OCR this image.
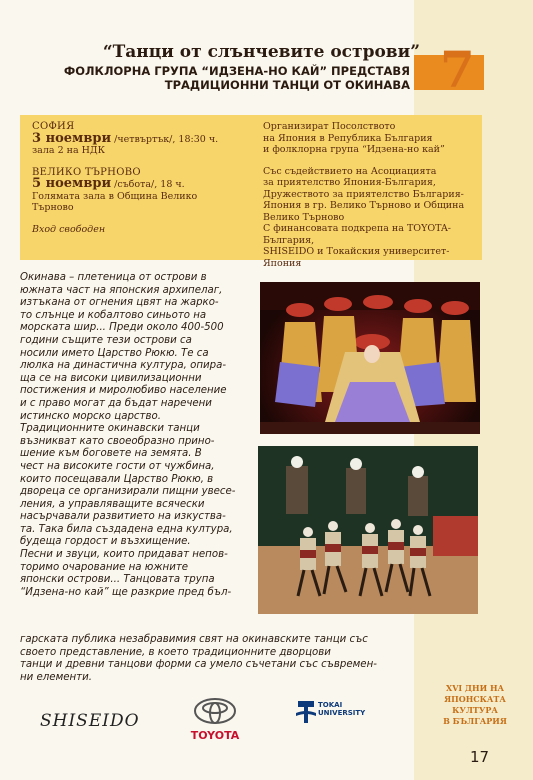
7
“Танци от слънчевите острови”
ФОЛКЛОРНА ГРУПА “ИДЗЕНА-НО КАЙ” ПРЕДСТАВЯ
ТРАДИЦИОННИ ТАНЦИ ОТ ОКИНАВА
СОФИЯ
3 ноември /четвъртък/, 18:30 ч.
зала 2 на НДК
ВЕЛИКО ТЪРНОВО
5 ноември /събота/, 18 ч.
Голямата зала в Община Велико
Търново
Вход свободен
Организират Посолството
на Япония в Република България
и фолклорна група “Идзена-но кай”
Със съдействието на Асоциацията
за приятелство Япония-България,
Дружеството за приятелство България-
Япония в гр. Велико Търново и Община
Велико Търново
С финансовата подкрепа на TOYOTA-България,
SHISEIDO и Токайския университет-Япония

Окинава – плетеница от острови в

южната част на японския архипелаг,

изтъкана от огнения цвят на жарко-

то слънце и кобалтово синьото на

морската шир... Преди около 400-500

години същите тези острови са

носили името Царство Рюкю. Те са

люлка на династична култура, опира-

ща се на високи цивилизационни

постижения и миролюбиво население

и с право могат да бъдат наречени

истинско морско царство.

Традиционните окинавски танци

възникват като своеобразно прино-

шение към боговете на земята. В

чест на високите гости от чужбина,

които посещавали Царство Рюкю, в

дворецa се организирали пищни увесе-

ления, а управляващите всячески

насърчавали развитието на изкуства-

та. Така била създадена една култура,

будеща гордост и възхищение.

Песни и звуци, които придават непов-

торимо очарование на южните

японски острови... Танцовата трупа

“Идзена-но кай” ще разкрие пред бъл-

гарската публика незабравимия свят на окинавските танци със
своето представление, в което традиционните дворцови
танци и древни танцови форми са умело съчетани със съвремен-
ни елементи.
SHISEIDO
TOYOTA
TOKAI
UNIVERSITY
XVI ДНИ НА
ЯПОНСКАТА
КУЛТУРА
В БЪЛГАРИЯ
17
